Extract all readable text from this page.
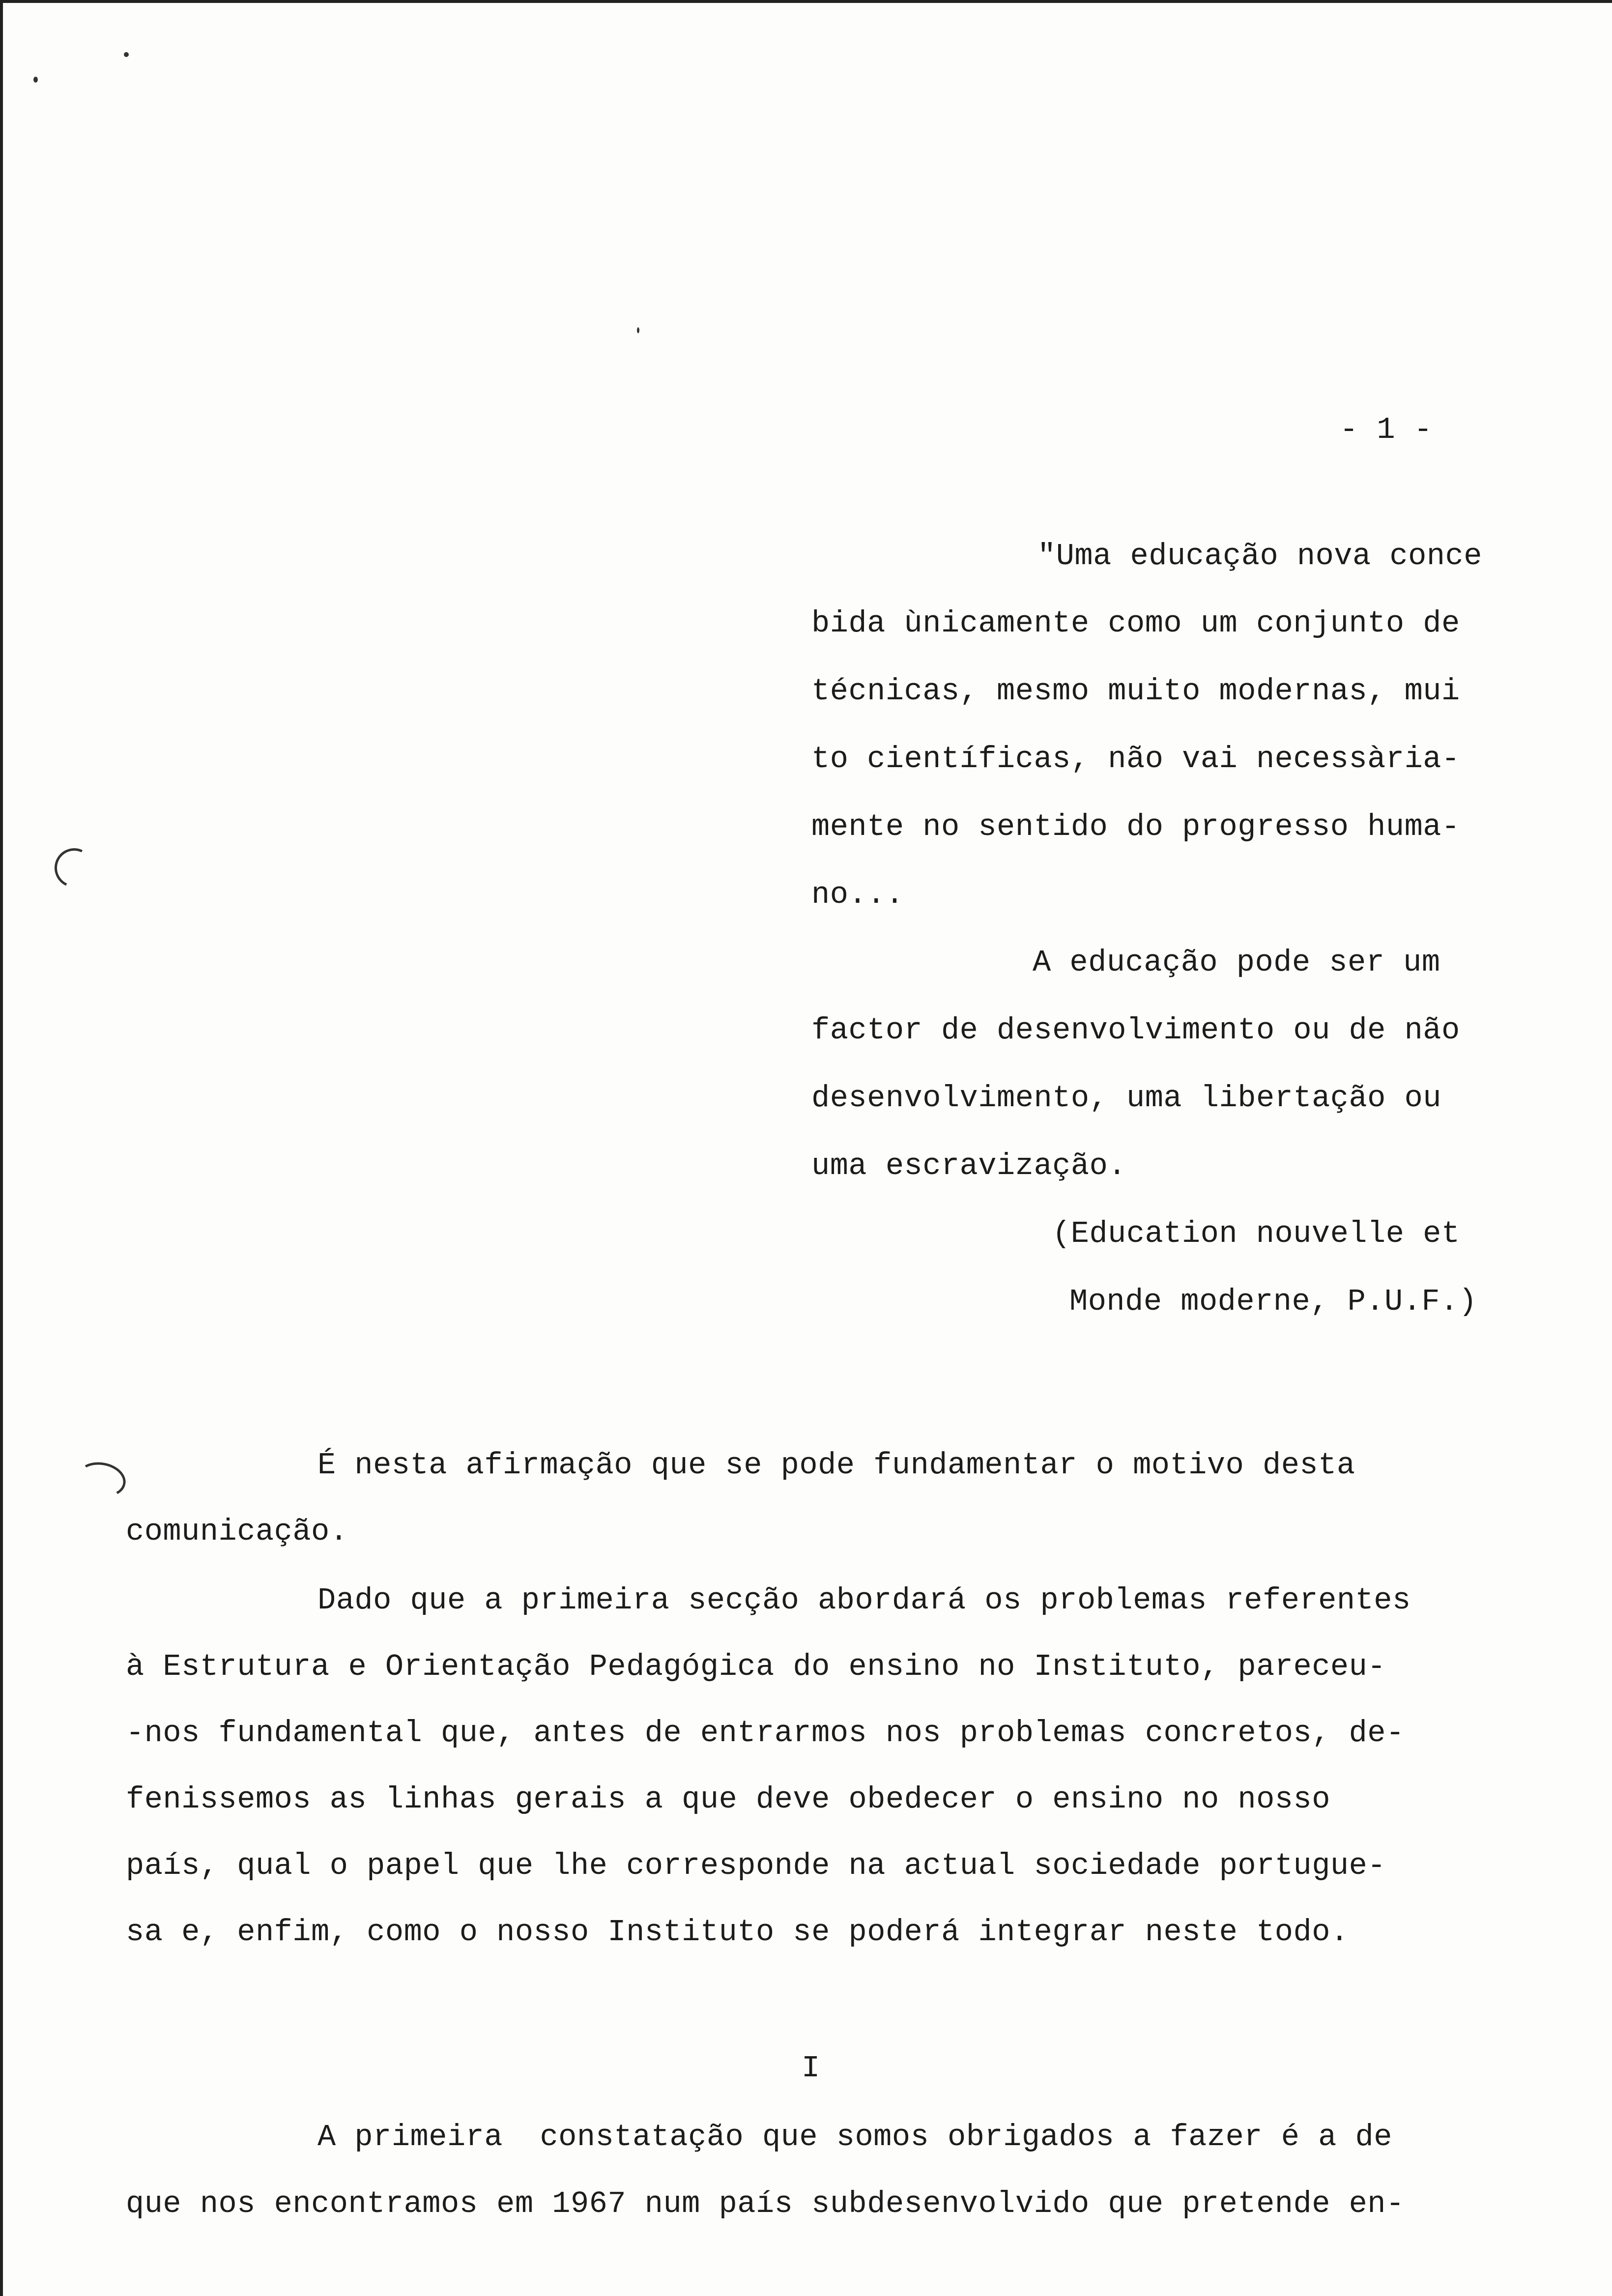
- 1 -
"Uma educação nova conce
bida ùnicamente como um conjunto de
técnicas, mesmo muito modernas, mui
to científicas, não vai necessària-
mente no sentido do progresso huma-
no...
A educação pode ser um
factor de desenvolvimento ou de não
desenvolvimento, uma libertação ou
uma escravização.
(Education nouvelle et
Monde moderne, P.U.F.)
É nesta afirmação que se pode fundamentar o motivo desta
comunicação.
Dado que a primeira secção abordará os problemas referentes
à Estrutura e Orientação Pedagógica do ensino no Instituto, pareceu-
-nos fundamental que, antes de entrarmos nos problemas concretos, de-
fenissemos as linhas gerais a que deve obedecer o ensino no nosso
país, qual o papel que lhe corresponde na actual sociedade portugue-
sa e, enfim, como o nosso Instituto se poderá integrar neste todo.
I
A primeira  constatação que somos obrigados a fazer é a de
que nos encontramos em 1967 num país subdesenvolvido que pretende en-
